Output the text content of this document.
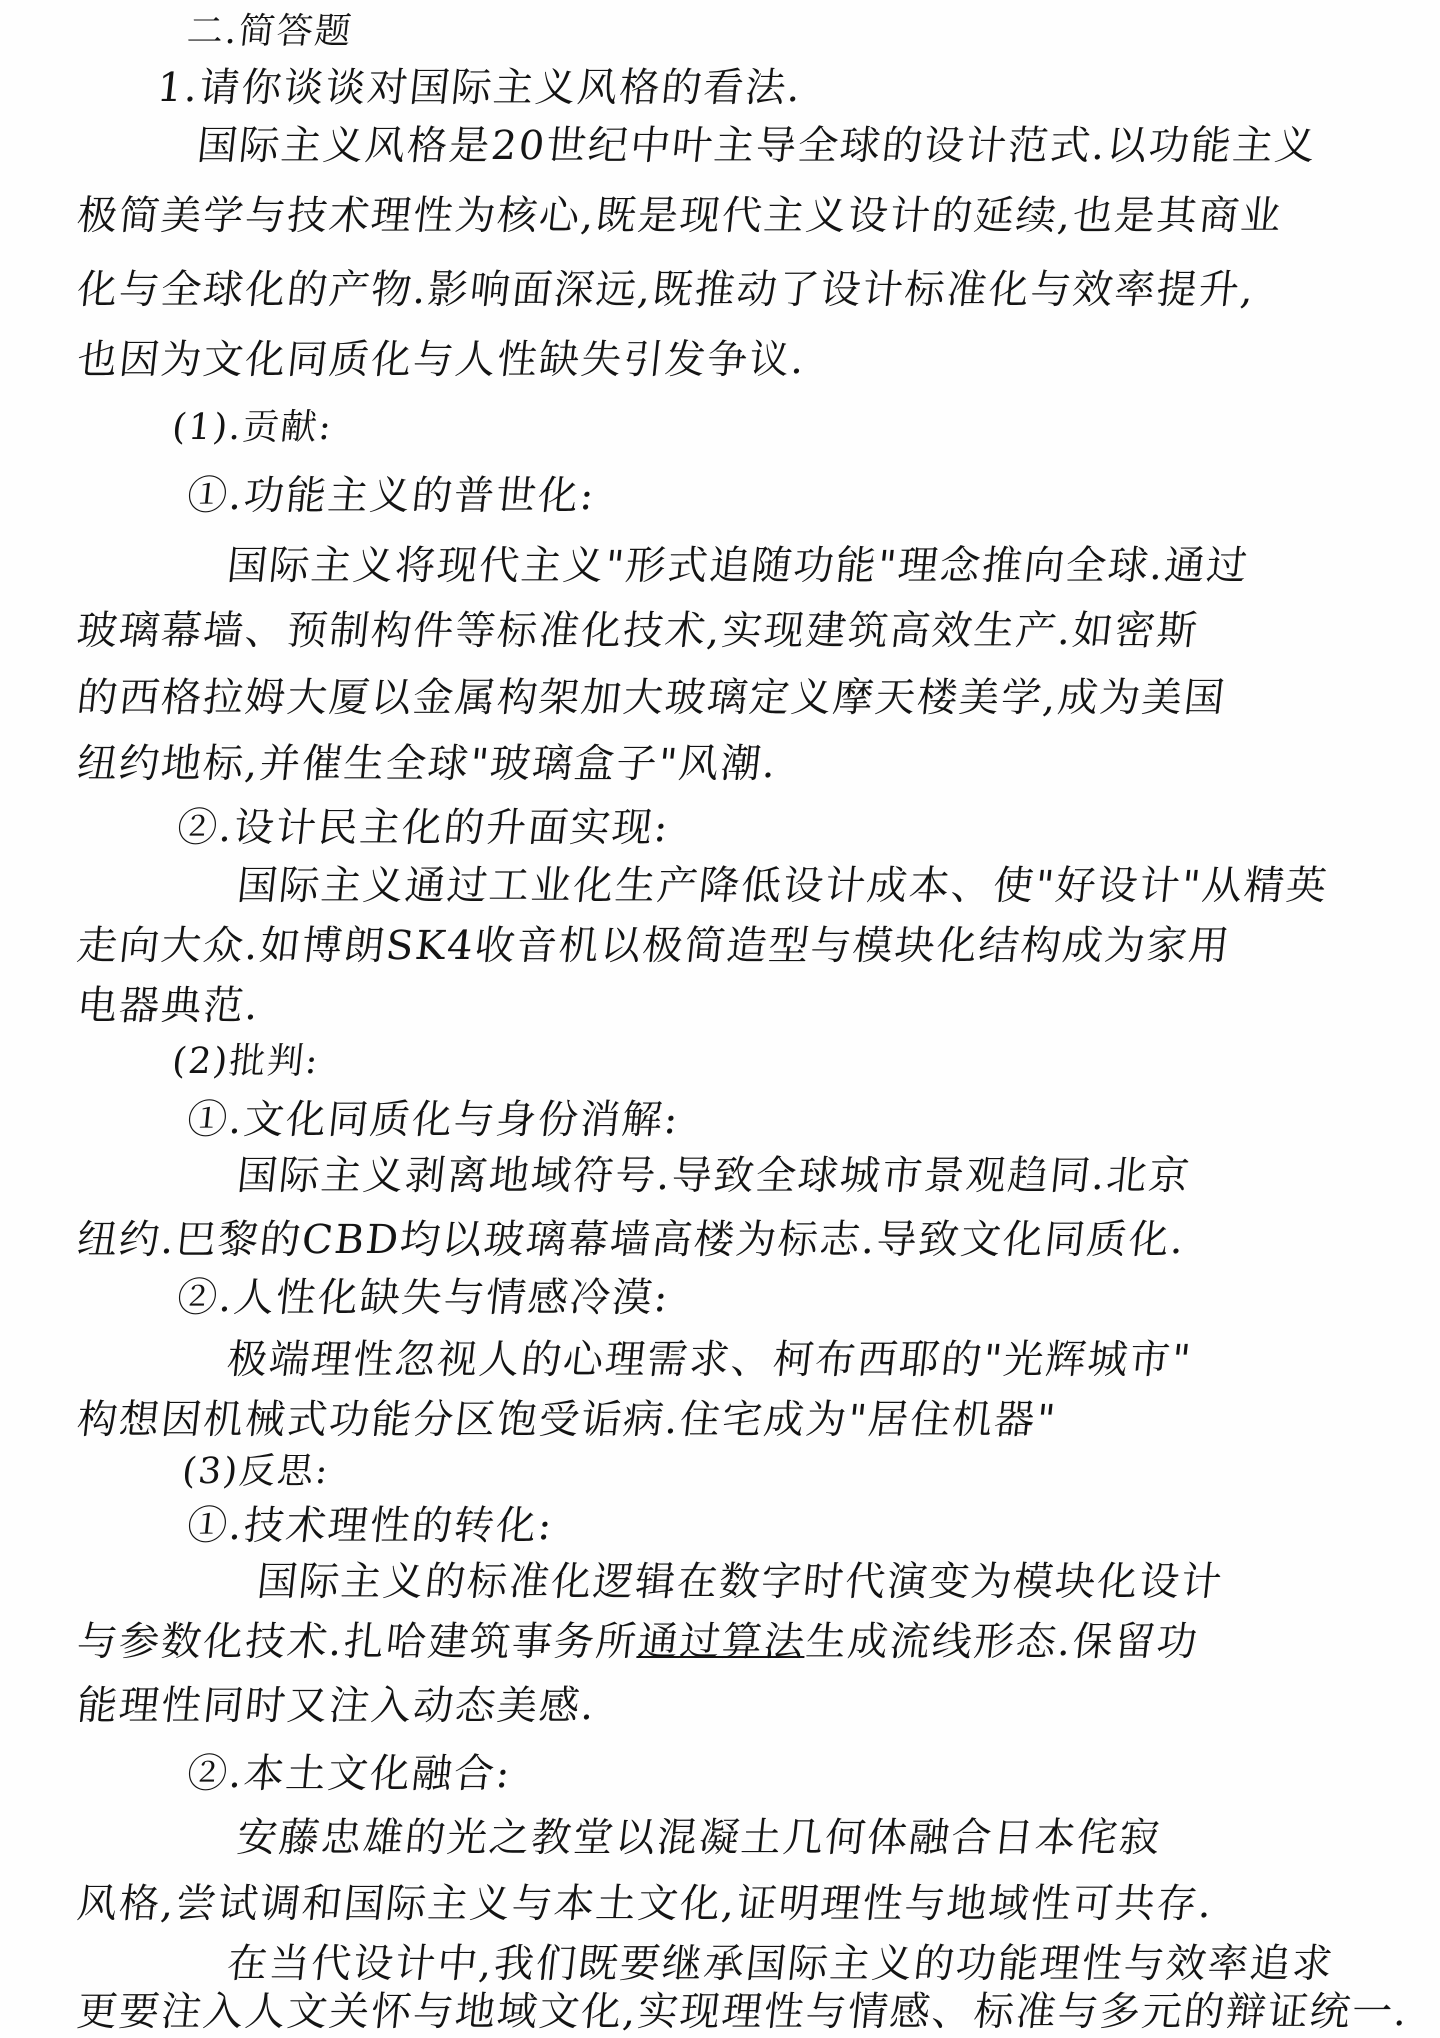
二.简答题
1.请你谈谈对国际主义风格的看法.
国际主义风格是20世纪中叶主导全球的设计范式.以功能主义
极简美学与技术理性为核心,既是现代主义设计的延续,也是其商业
化与全球化的产物.影响面深远,既推动了设计标准化与效率提升,
也因为文化同质化与人性缺失引发争议.
(1).贡献:
①.功能主义的普世化:
国际主义将现代主义"形式追随功能"理念推向全球.通过
玻璃幕墙、预制构件等标准化技术,实现建筑高效生产.如密斯
的西格拉姆大厦以金属构架加大玻璃定义摩天楼美学,成为美国
纽约地标,并催生全球"玻璃盒子"风潮.
②.设计民主化的升面实现:
国际主义通过工业化生产降低设计成本、使"好设计"从精英
走向大众.如博朗SK4收音机以极简造型与模块化结构成为家用
电器典范.
(2)批判:
①.文化同质化与身份消解:
国际主义剥离地域符号.导致全球城市景观趋同.北京
纽约.巴黎的CBD均以玻璃幕墙高楼为标志.导致文化同质化.
②.人性化缺失与情感冷漠:
极端理性忽视人的心理需求、柯布西耶的"光辉城市"
构想因机械式功能分区饱受诟病.住宅成为"居住机器"
(3)反思:
①.技术理性的转化:
国际主义的标准化逻辑在数字时代演变为模块化设计
与参数化技术.扎哈建筑事务所通过算法生成流线形态.保留功
能理性同时又注入动态美感.
②.本土文化融合:
安藤忠雄的光之教堂以混凝土几何体融合日本侘寂
风格,尝试调和国际主义与本土文化,证明理性与地域性可共存.
在当代设计中,我们既要继承国际主义的功能理性与效率追求
更要注入人文关怀与地域文化,实现理性与情感、标准与多元的辩证统一.
